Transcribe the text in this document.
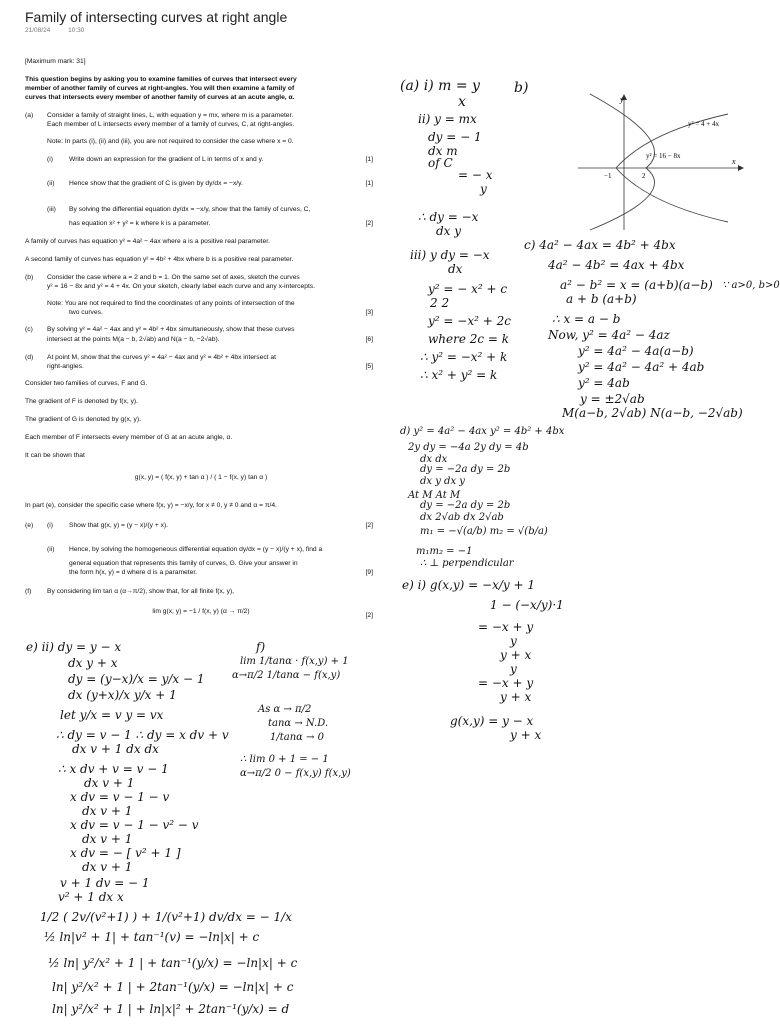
Family of intersecting curves at right angle
21/08/24	10:30
[Maximum mark: 31]
This question begins by asking you to examine families of curves that intersect every
member of another family of curves at right-angles. You will then examine a family of
curves that intersects every member of another family of curves at an acute angle, α.
(a)	Consider a family of straight lines, L, with equation y = mx, where m is a parameter.
Each member of L intersects every member of a family of curves, C, at right-angles.
Note: In parts (i), (ii) and (iii), you are not required to consider the case where x = 0.
(i)	Write down an expression for the gradient of L in terms of x and y.	[1]
(ii)	Hence show that the gradient of C is given by dy/dx = −x/y.	[1]
(iii)	By solving the differential equation dy/dx = −x/y, show that the family of curves, C,
has equation x² + y² = k where k is a parameter.	[2]
A family of curves has equation y² = 4a² − 4ax where a is a positive real parameter.
A second family of curves has equation y² = 4b² + 4bx where b is a positive real parameter.
(b)	Consider the case where a = 2 and b = 1. On the same set of axes, sketch the curves
y² = 16 − 8x and y² = 4 + 4x. On your sketch, clearly label each curve and any x-intercepts.
Note: You are not required to find the coordinates of any points of intersection of the
two curves.	[3]
(c)	By solving y² = 4a² − 4ax and y² = 4b² + 4bx simultaneously, show that these curves
intersect at the points M(a − b, 2√ab) and N(a − b, −2√ab).	[6]
(d)	At point M, show that the curves y² = 4a² − 4ax and y² = 4b² + 4bx intersect at
right-angles.	[5]
Consider two families of curves, F and G.
The gradient of F is denoted by f(x, y).
The gradient of G is denoted by g(x, y).
Each member of F intersects every member of G at an acute angle, α.
It can be shown that
g(x, y) = ( f(x, y) + tan α ) / ( 1 − f(x, y) tan α )
In part (e), consider the specific case where f(x, y) = −x/y, for x ≠ 0, y ≠ 0 and α = π/4.
(e)	(i)	Show that g(x, y) = (y − x)/(y + x).	[2]
(ii)	Hence, by solving the homogeneous differential equation dy/dx = (y − x)/(y + x), find a
general equation that represents this family of curves, G. Give your answer in
the form h(x, y) = d where d is a parameter.	[9]
(f)	By considering lim tan α (α→π/2), show that, for all finite f(x, y),
lim g(x, y) = −1 / f(x, y) (α → π/2)
[2]
y
x
y² = 4 + 4x
y² = 16 − 8x
−1	2
(a) i) m = y
x
b)
ii) y = mx
dy = − 1
dx m
of C
= − x
y
∴ dy = −x
dx y
iii) y dy = −x
dx
y² = − x² + c
2 2
y² = −x² + 2c
where 2c = k
∴ y² = −x² + k
∴ x² + y² = k
c) 4a² − 4ax = 4b² + 4bx
4a² − 4b² = 4ax + 4bx
a² − b² = x = (a+b)(a−b)
a + b (a+b)
∵ a>0, b>0
∴ x = a − b
Now, y² = 4a² − 4az
y² = 4a² − 4a(a−b)
y² = 4a² − 4a² + 4ab
y² = 4ab
y = ±2√ab
M(a−b, 2√ab) N(a−b, −2√ab)
d) y² = 4a² − 4ax y² = 4b² + 4bx
2y dy = −4a 2y dy = 4b
dx dx
dy = −2a dy = 2b
dx y dx y
At M At M
dy = −2a dy = 2b
dx 2√ab dx 2√ab
m₁ = −√(a/b) m₂ = √(b/a)
m₁m₂ = −1
∴ ⊥ perpendicular
e) i) g(x,y) = −x/y + 1
1 − (−x/y)·1
= −x + y
y
y + x
y
= −x + y
y + x
g(x,y) = y − x
y + x
e) ii) dy = y − x
dx y + x
dy = (y−x)/x = y/x − 1
dx (y+x)/x y/x + 1
let y/x = v y = vx
∴ dy = v − 1 ∴ dy = x dv + v
dx v + 1 dx dx
∴ x dv + v = v − 1
dx v + 1
x dv = v − 1 − v
dx v + 1
x dv = v − 1 − v² − v
dx v + 1
x dv = − [ v² + 1 ]
dx v + 1
v + 1 dv = − 1
v² + 1 dx x
1/2 ( 2v/(v²+1) ) + 1/(v²+1) dv/dx = − 1/x
½ ln|v² + 1| + tan⁻¹(v) = −ln|x| + c
½ ln| y²/x² + 1 | + tan⁻¹(y/x) = −ln|x| + c
ln| y²/x² + 1 | + 2tan⁻¹(y/x) = −ln|x| + c
ln| y²/x² + 1 | + ln|x|² + 2tan⁻¹(y/x) = d
f)
lim 1/tanα · f(x,y) + 1
α→π/2 1/tanα − f(x,y)
As α → π/2
tanα → N.D.
1/tanα → 0
∴ lim 0 + 1 = − 1
α→π/2 0 − f(x,y) f(x,y)
